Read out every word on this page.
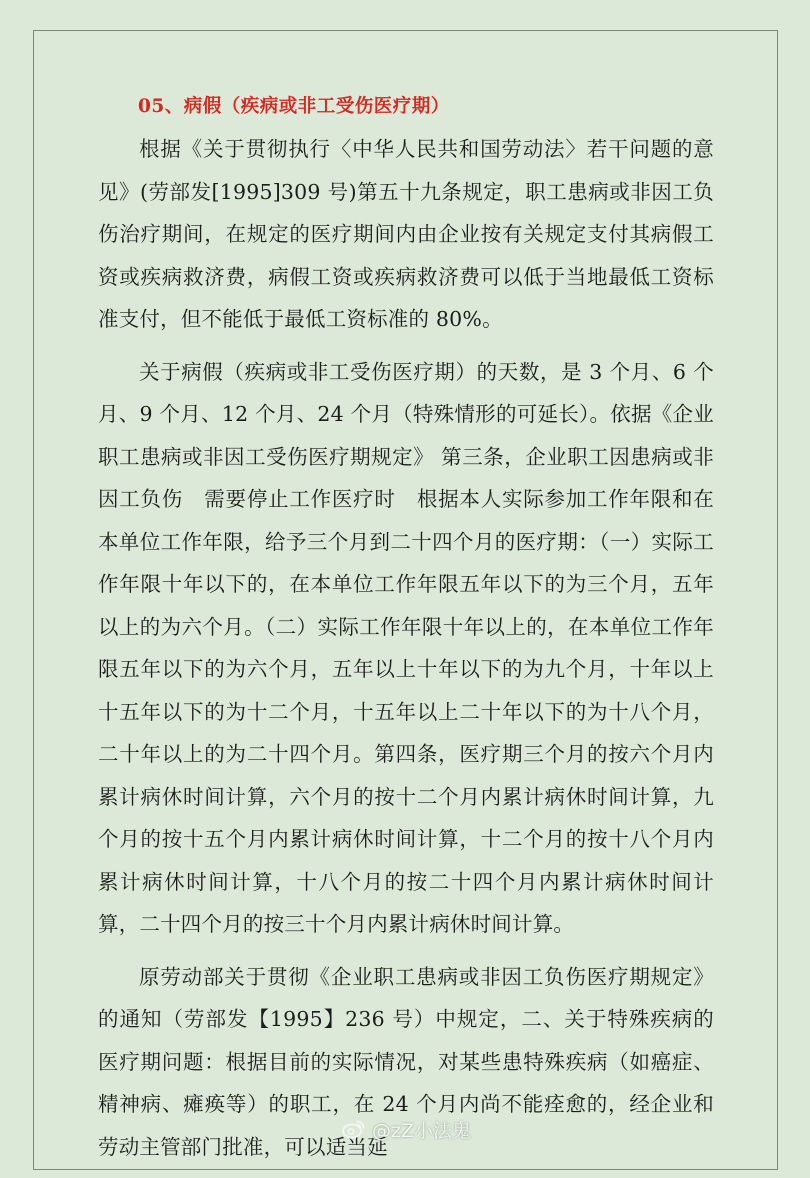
05、病假（疾病或非工受伤医疗期）

根据《关于贯彻执行〈中华人民共和国劳动法〉若干问题的意见》(劳部发[1995]309 号)第五十九条规定，职工患病或非因工负伤治疗期间，在规定的医疗期间内由企业按有关规定支付其病假工资或疾病救济费，病假工资或疾病救济费可以低于当地最低工资标准支付，但不能低于最低工资标准的 80%。

关于病假（疾病或非工受伤医疗期）的天数，是 3 个月、6 个月、9 个月、12 个月、24 个月（特殊情形的可延长）。依据《企业职工患病或非因工受伤医疗期规定》 第三条，企业职工因患病或非因工负伤　需要停止工作医疗时　根据本人实际参加工作年限和在本单位工作年限，给予三个月到二十四个月的医疗期：（一）实际工作年限十年以下的，在本单位工作年限五年以下的为三个月，五年以上的为六个月。（二）实际工作年限十年以上的，在本单位工作年限五年以下的为六个月，五年以上十年以下的为九个月，十年以上十五年以下的为十二个月，十五年以上二十年以下的为十八个月，二十年以上的为二十四个月。第四条，医疗期三个月的按六个月内累计病休时间计算，六个月的按十二个月内累计病休时间计算，九个月的按十五个月内累计病休时间计算，十二个月的按十八个月内累计病休时间计算，十八个月的按二十四个月内累计病休时间计算，二十四个月的按三十个月内累计病休时间计算。

原劳动部关于贯彻《企业职工患病或非因工负伤医疗期规定》的通知（劳部发【1995】236 号）中规定，二、关于特殊疾病的医疗期问题：根据目前的实际情况，对某些患特殊疾病（如癌症、精神病、瘫痪等）的职工，在 24 个月内尚不能痊愈的，经企业和劳动主管部门批准，可以适当延

@zZ小法鬼
